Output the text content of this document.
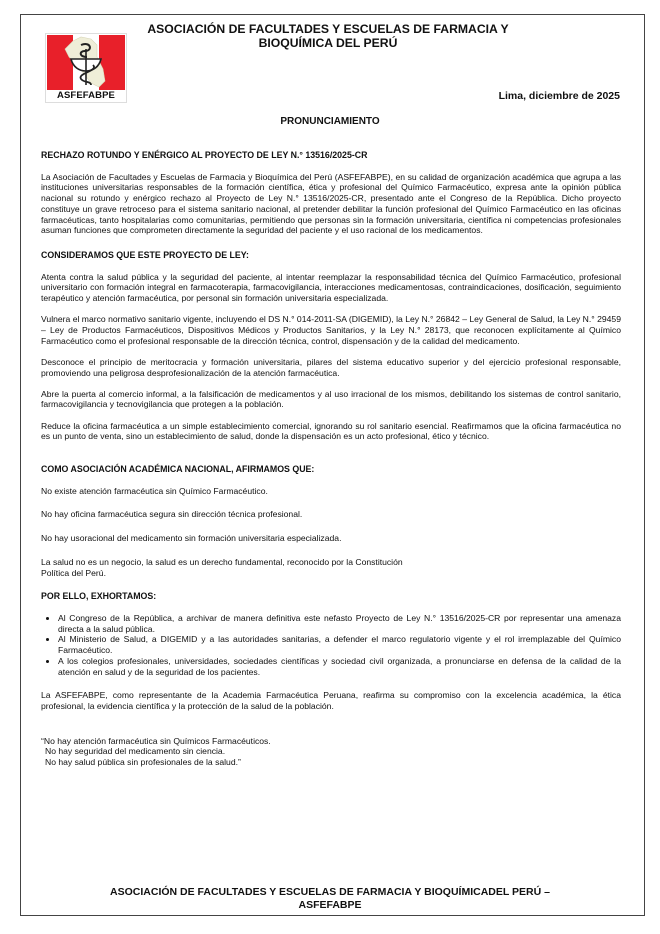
ASFEFABPE
ASOCIACIÓN DE FACULTADES Y ESCUELAS DE FARMACIA Y
BIOQUÍMICA DEL PERÚ
Lima, diciembre de 2025
PRONUNCIAMIENTO
RECHAZO ROTUNDO Y ENÉRGICO AL PROYECTO DE LEY N.° 13516/2025-CR
La Asociación de Facultades y Escuelas de Farmacia y Bioquímica del Perú (ASFEFABPE), en su calidad de organización académica que agrupa a las instituciones universitarias responsables de la formación científica, ética y profesional del Químico Farmacéutico, expresa ante la opinión pública nacional su rotundo y enérgico rechazo al Proyecto de Ley N.° 13516/2025-CR, presentado ante el Congreso de la República. Dicho proyecto constituye un grave retroceso para el sistema sanitario nacional, al pretender debilitar la función profesional del Químico Farmacéutico en las oficinas farmacéuticas, tanto hospitalarias como comunitarias, permitiendo que personas sin la formación universitaria, científica ni competencias profesionales asuman funciones que comprometen directamente la seguridad del paciente y el uso racional de los medicamentos.
CONSIDERAMOS QUE ESTE PROYECTO DE LEY:
Atenta contra la salud pública y la seguridad del paciente, al intentar reemplazar la responsabilidad técnica del Químico Farmacéutico, profesional universitario con formación integral en farmacoterapia, farmacovigilancia, interacciones medicamentosas, contraindicaciones, dosificación, seguimiento terapéutico y atención farmacéutica, por personal sin formación universitaria especializada.
Vulnera el marco normativo sanitario vigente, incluyendo el DS N.° 014-2011-SA (DIGEMID), la Ley N.° 26842 – Ley General de Salud, la Ley N.° 29459 – Ley de Productos Farmacéuticos, Dispositivos Médicos y Productos Sanitarios, y la Ley N.° 28173, que reconocen explícitamente al Químico Farmacéutico como el profesional responsable de la dirección técnica, control, dispensación y de la calidad del medicamento.
Desconoce el principio de meritocracia y formación universitaria, pilares del sistema educativo superior y del ejercicio profesional responsable, promoviendo una peligrosa desprofesionalización de la atención farmacéutica.
Abre la puerta al comercio informal, a la falsificación de medicamentos y al uso irracional de los mismos, debilitando los sistemas de control sanitario, farmacovigilancia y tecnovigilancia que protegen a la población.
Reduce la oficina farmacéutica a un simple establecimiento comercial, ignorando su rol sanitario esencial. Reafirmamos que la oficina farmacéutica no es un punto de venta, sino un establecimiento de salud, donde la dispensación es un acto profesional, ético y técnico.
COMO ASOCIACIÓN ACADÉMICA NACIONAL, AFIRMAMOS QUE:
No existe atención farmacéutica sin Químico Farmacéutico.
No hay oficina farmacéutica segura sin dirección técnica profesional.
No hay usoracional del medicamento sin formación universitaria especializada.
La salud no es un negocio, la salud es un derecho fundamental, reconocido por la Constitución
Política del Perú.
POR ELLO, EXHORTAMOS:
• Al Congreso de la República, a archivar de manera definitiva este nefasto Proyecto de Ley N.° 13516/2025-CR por representar una amenaza directa a la salud pública.
• Al Ministerio de Salud, a DIGEMID y a las autoridades sanitarias, a defender el marco regulatorio vigente y el rol irremplazable del Químico Farmacéutico.
• A los colegios profesionales, universidades, sociedades científicas y sociedad civil organizada, a pronunciarse en defensa de la calidad de la atención en salud y de la seguridad de los pacientes.
La ASFEFABPE, como representante de la Academia Farmacéutica Peruana, reafirma su compromiso con la excelencia académica, la ética profesional, la evidencia científica y la protección de la salud de la población.
“No hay atención farmacéutica sin Químicos Farmacéuticos.
No hay seguridad del medicamento sin ciencia.
No hay salud pública sin profesionales de la salud.”
ASOCIACIÓN DE FACULTADES Y ESCUELAS DE FARMACIA Y BIOQUÍMICADEL PERÚ –
ASFEFABPE
